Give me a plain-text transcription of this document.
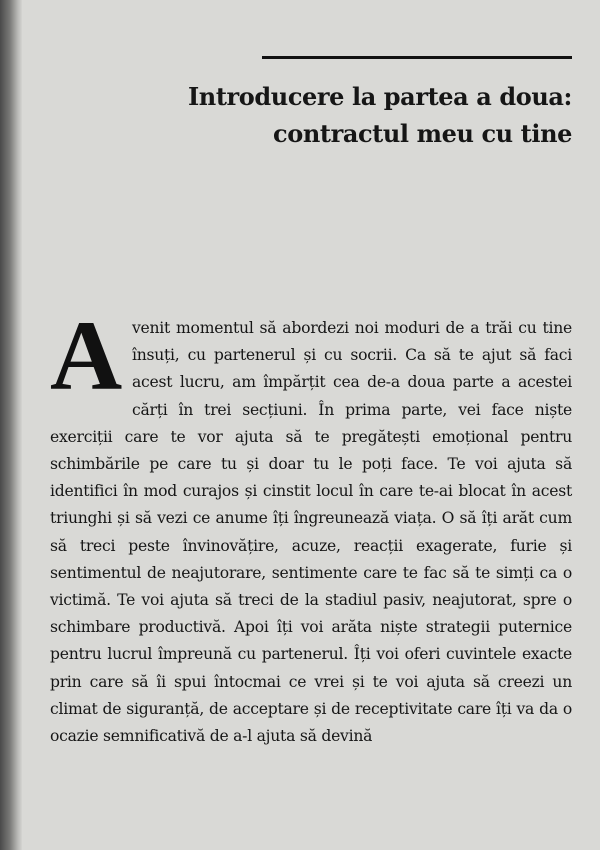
Introducere la partea a doua:
contractul meu cu tine
A venit momentul să abordezi noi moduri de a trăi cu tine însuți, cu partenerul și cu socrii. Ca să te ajut să faci acest lucru, am împărțit cea de-a doua parte a acestei cărți în trei secțiuni. În prima parte, vei face niște exerciții care te vor ajuta să te pregătești emoțional pentru schimbările pe care tu și doar tu le poți face. Te voi ajuta să identifici în mod curajos și cinstit locul în care te-ai blocat în acest triunghi și să vezi ce anume îți îngreunează viața. O să îți arăt cum să treci peste învinovățire, acuze, reacții exagerate, furie și sentimentul de neajutorare, sentimente care te fac să te simți ca o victimă. Te voi ajuta să treci de la stadiul pasiv, neajutorat, spre o schimbare productivă. Apoi îți voi arăta niște strategii puternice pentru lucrul împreună cu partenerul. Îți voi oferi cuvintele exacte prin care să îi spui întocmai ce vrei și te voi ajuta să creezi un climat de siguranță, de acceptare și de receptivitate care îți va da o ocazie semnificativă de a-l ajuta să devină
